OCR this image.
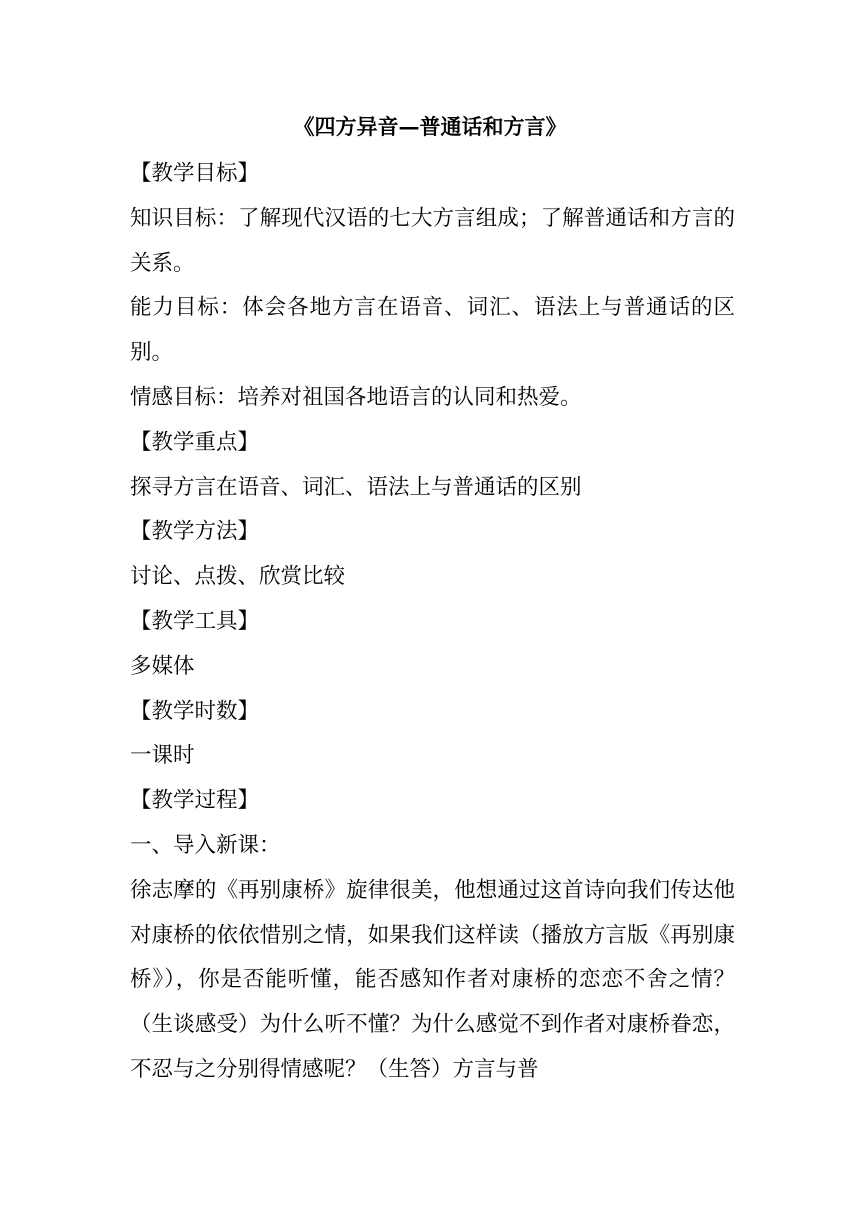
《四方异音—普通话和方言》

【教学目标】

知识目标：了解现代汉语的七大方言组成；了解普通话和方言的关系。

能力目标：体会各地方言在语音、词汇、语法上与普通话的区别。

情感目标：培养对祖国各地语言的认同和热爱。

【教学重点】

探寻方言在语音、词汇、语法上与普通话的区别

【教学方法】

讨论、点拨、欣赏比较

【教学工具】

多媒体

【教学时数】

一课时

【教学过程】

一、导入新课：

徐志摩的《再别康桥》旋律很美，他想通过这首诗向我们传达他对康桥的依依惜别之情，如果我们这样读（播放方言版《再别康桥》），你是否能听懂，能否感知作者对康桥的恋恋不舍之情？（生谈感受）为什么听不懂？为什么感觉不到作者对康桥眷恋，不忍与之分别得情感呢？（生答）方言与普
